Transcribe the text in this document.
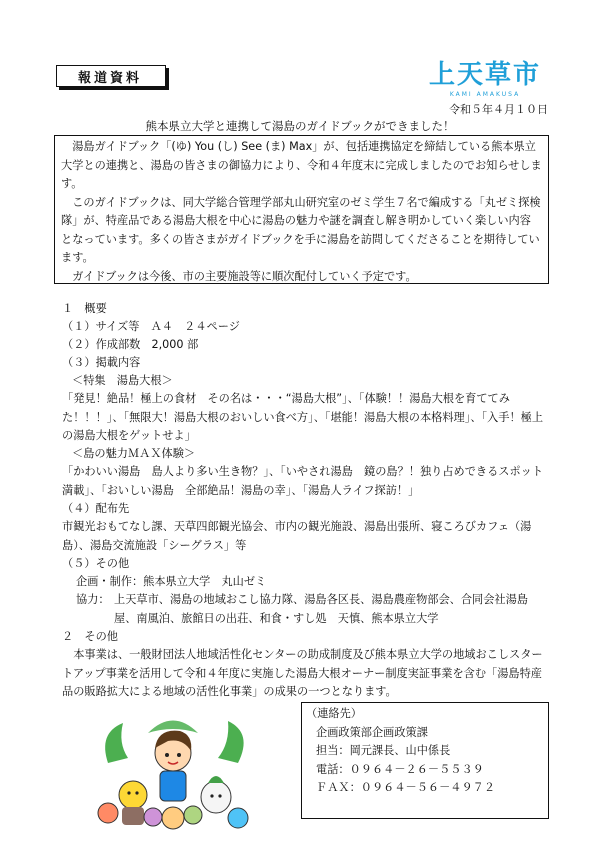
報道資料	上天草市
KAMI AMAKUSA
令和５年４月１０日
熊本県立大学と連携して湯島のガイドブックができました！

湯島ガイドブック「(ゆ) You (し) See (ま) Max」が、包括連携協定を締結している熊本県立大学との連携と、湯島の皆さまの御協力により、令和４年度末に完成しましたのでお知らせします。

このガイドブックは、同大学総合管理学部丸山研究室のゼミ学生７名で編成する「丸ゼミ探検隊」が、特産品である湯島大根を中心に湯島の魅力や謎を調査し解き明かしていく楽しい内容となっています。多くの皆さまがガイドブックを手に湯島を訪問してくださることを期待しています。

ガイドブックは今後、市の主要施設等に順次配付していく予定です。

１　概要
（１）サイズ等　Ａ４　２４ページ
（２）作成部数　2,000 部
（３）掲載内容
＜特集　湯島大根＞
「発見！絶品！極上の食材　その名は・・・“湯島大根”」、「体験！！湯島大根を育ててみた！！！」、「無限大！湯島大根のおいしい食べ方」、「堪能！湯島大根の本格料理」、「入手！極上の湯島大根をゲットせよ」
＜島の魅力ＭＡＸ体験＞
「かわいい湯島　島人より多い生き物？」、「いやされ湯島　鏡の島？！独り占めできるスポット満載」、「おいしい湯島　全部絶品！湯島の幸」、「湯島人ライフ探訪！」
（４）配布先
市観光おもてなし課、天草四郎観光協会、市内の観光施設、湯島出張所、寝ころびカフェ（湯島）、湯島交流施設「シーグラス」等
（５）その他
企画・制作：熊本県立大学　丸山ゼミ
協力： 上天草市、湯島の地域おこし協力隊、湯島各区長、湯島農産物部会、合同会社湯島屋、南風泊、旅館日の出荘、和食・すし処　天慎、熊本県立大学
２　その他
本事業は、一般財団法人地域活性化センターの助成制度及び熊本県立大学の地域おこしスタートアップ事業を活用して令和４年度に実施した湯島大根オーナー制度実証事業を含む「湯島特産品の販路拡大による地域の活性化事業」の成果の一つとなります。
（連絡先）
企画政策部企画政策課
担当：岡元課長、山中係長
電話：０９６４－２６－５５３９
ＦＡＸ：０９６４－５６－４９７２
